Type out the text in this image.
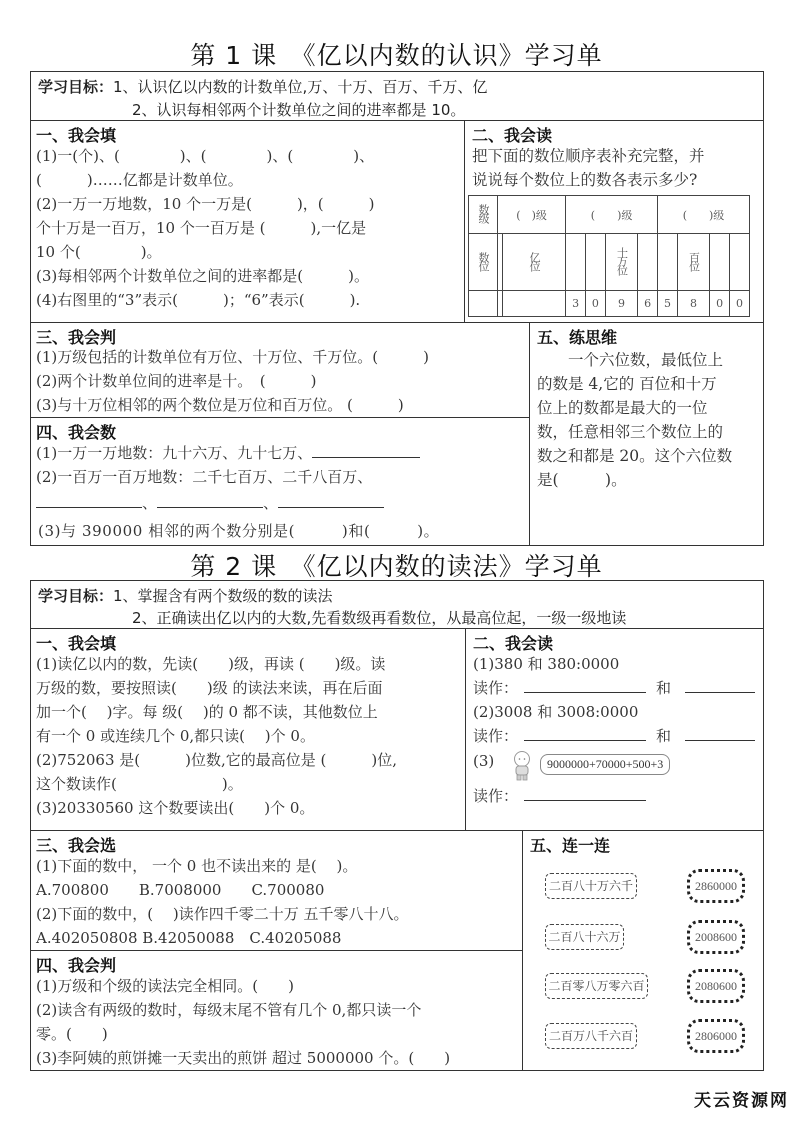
第 1 课　《亿以内数的认识》学习单
学习目标：1、认识亿以内数的计数单位,万、十万、百万、千万、亿
2、认识每相邻两个计数单位之间的进率都是 10。
一、我会填
(1)一(个)、(　　　　)、(　　　　)、(　　　　)、
(　　　)……亿都是计数单位。
(2)一万一万地数，10 个一万是(　　　)，(　　　)
个十万是一百万，10 个一百万是 (　　　),一亿是
10 个(　　　　)。
(3)每相邻两个计数单位之间的进率都是(　　　)。
(4)右图里的“3”表示(　　　)；“6”表示(　　　).
二、我会读
把下面的数位顺序表补充完整，并
说说每个数位上的数各表示多少?
数级	(　)级		(　　)级				(　　)级			
数位		亿位			十万位			百位		
			3	0	9	6	5	8	0	0
三、我会判
(1)万级包括的计数单位有万位、十万位、千万位。(　　　)
(2)两个计数单位间的进率是十。　(　　　)
(3)与十万位相邻的两个数位是万位和百万位。 (　　　)
四、我会数
(1)一万一万地数：九十六万、九十七万、
(2)一百万一百万地数：二千七百万、二千八百万、
、	、
(3)与 390000 相邻的两个数分别是(　　　)和(　　　)。
五、练思维
　　一个六位数，最低位上
的数是 4,它的 百位和十万
位上的数都是最大的一位
数，任意相邻三个数位上的
数之和都是 20。这个六位数
是(　　　)。
第 2 课　《亿以内数的读法》学习单
学习目标：1、掌握含有两个数级的数的读法
2、正确读出亿以内的大数,先看数级再看数位，从最高位起，一级一级地读
一、我会填
(1)读亿以内的数，先读(　　)级，再读 (　　)级。读
万级的数，要按照读(　　)级 的读法来读，再在后面
加一个(　 )字。每 级(　 )的 0 都不读，其他数位上
有一个 0 或连续几个 0,都只读(　 )个 0。
(2)752063 是(　　　)位数,它的最高位是 (　　　)位,
这个数读作(　　　　　　　)。
(3)20330560 这个数要读出(　　)个 0。
二、我会读
(1)380 和 380:0000
读作：	和
(2)3008 和 3008:0000
读作：	和
(3)	9000000+70000+500+3
读作：
三、我会选
(1)下面的数中， 一个 0 也不读出来的 是(　 )。
A.700800　　B.7008000　　C.700080
(2)下面的数中，(　 )读作四千零二十万 五千零八十八。
A.402050808 B.42050088　C.40205088
四、我会判
(1)万级和个级的读法完全相同。(　　)
(2)读含有两级的数时，每级末尾不管有几个 0,都只读一个
零。(　　)
(3)李阿姨的煎饼摊一天卖出的煎饼 超过 5000000 个。(　　)
五、连一连
二百八十万六千
二百八十六万
二百零八万零六百
二百万八千六百
2860000
2008600
2080600
2806000
天云资源网
